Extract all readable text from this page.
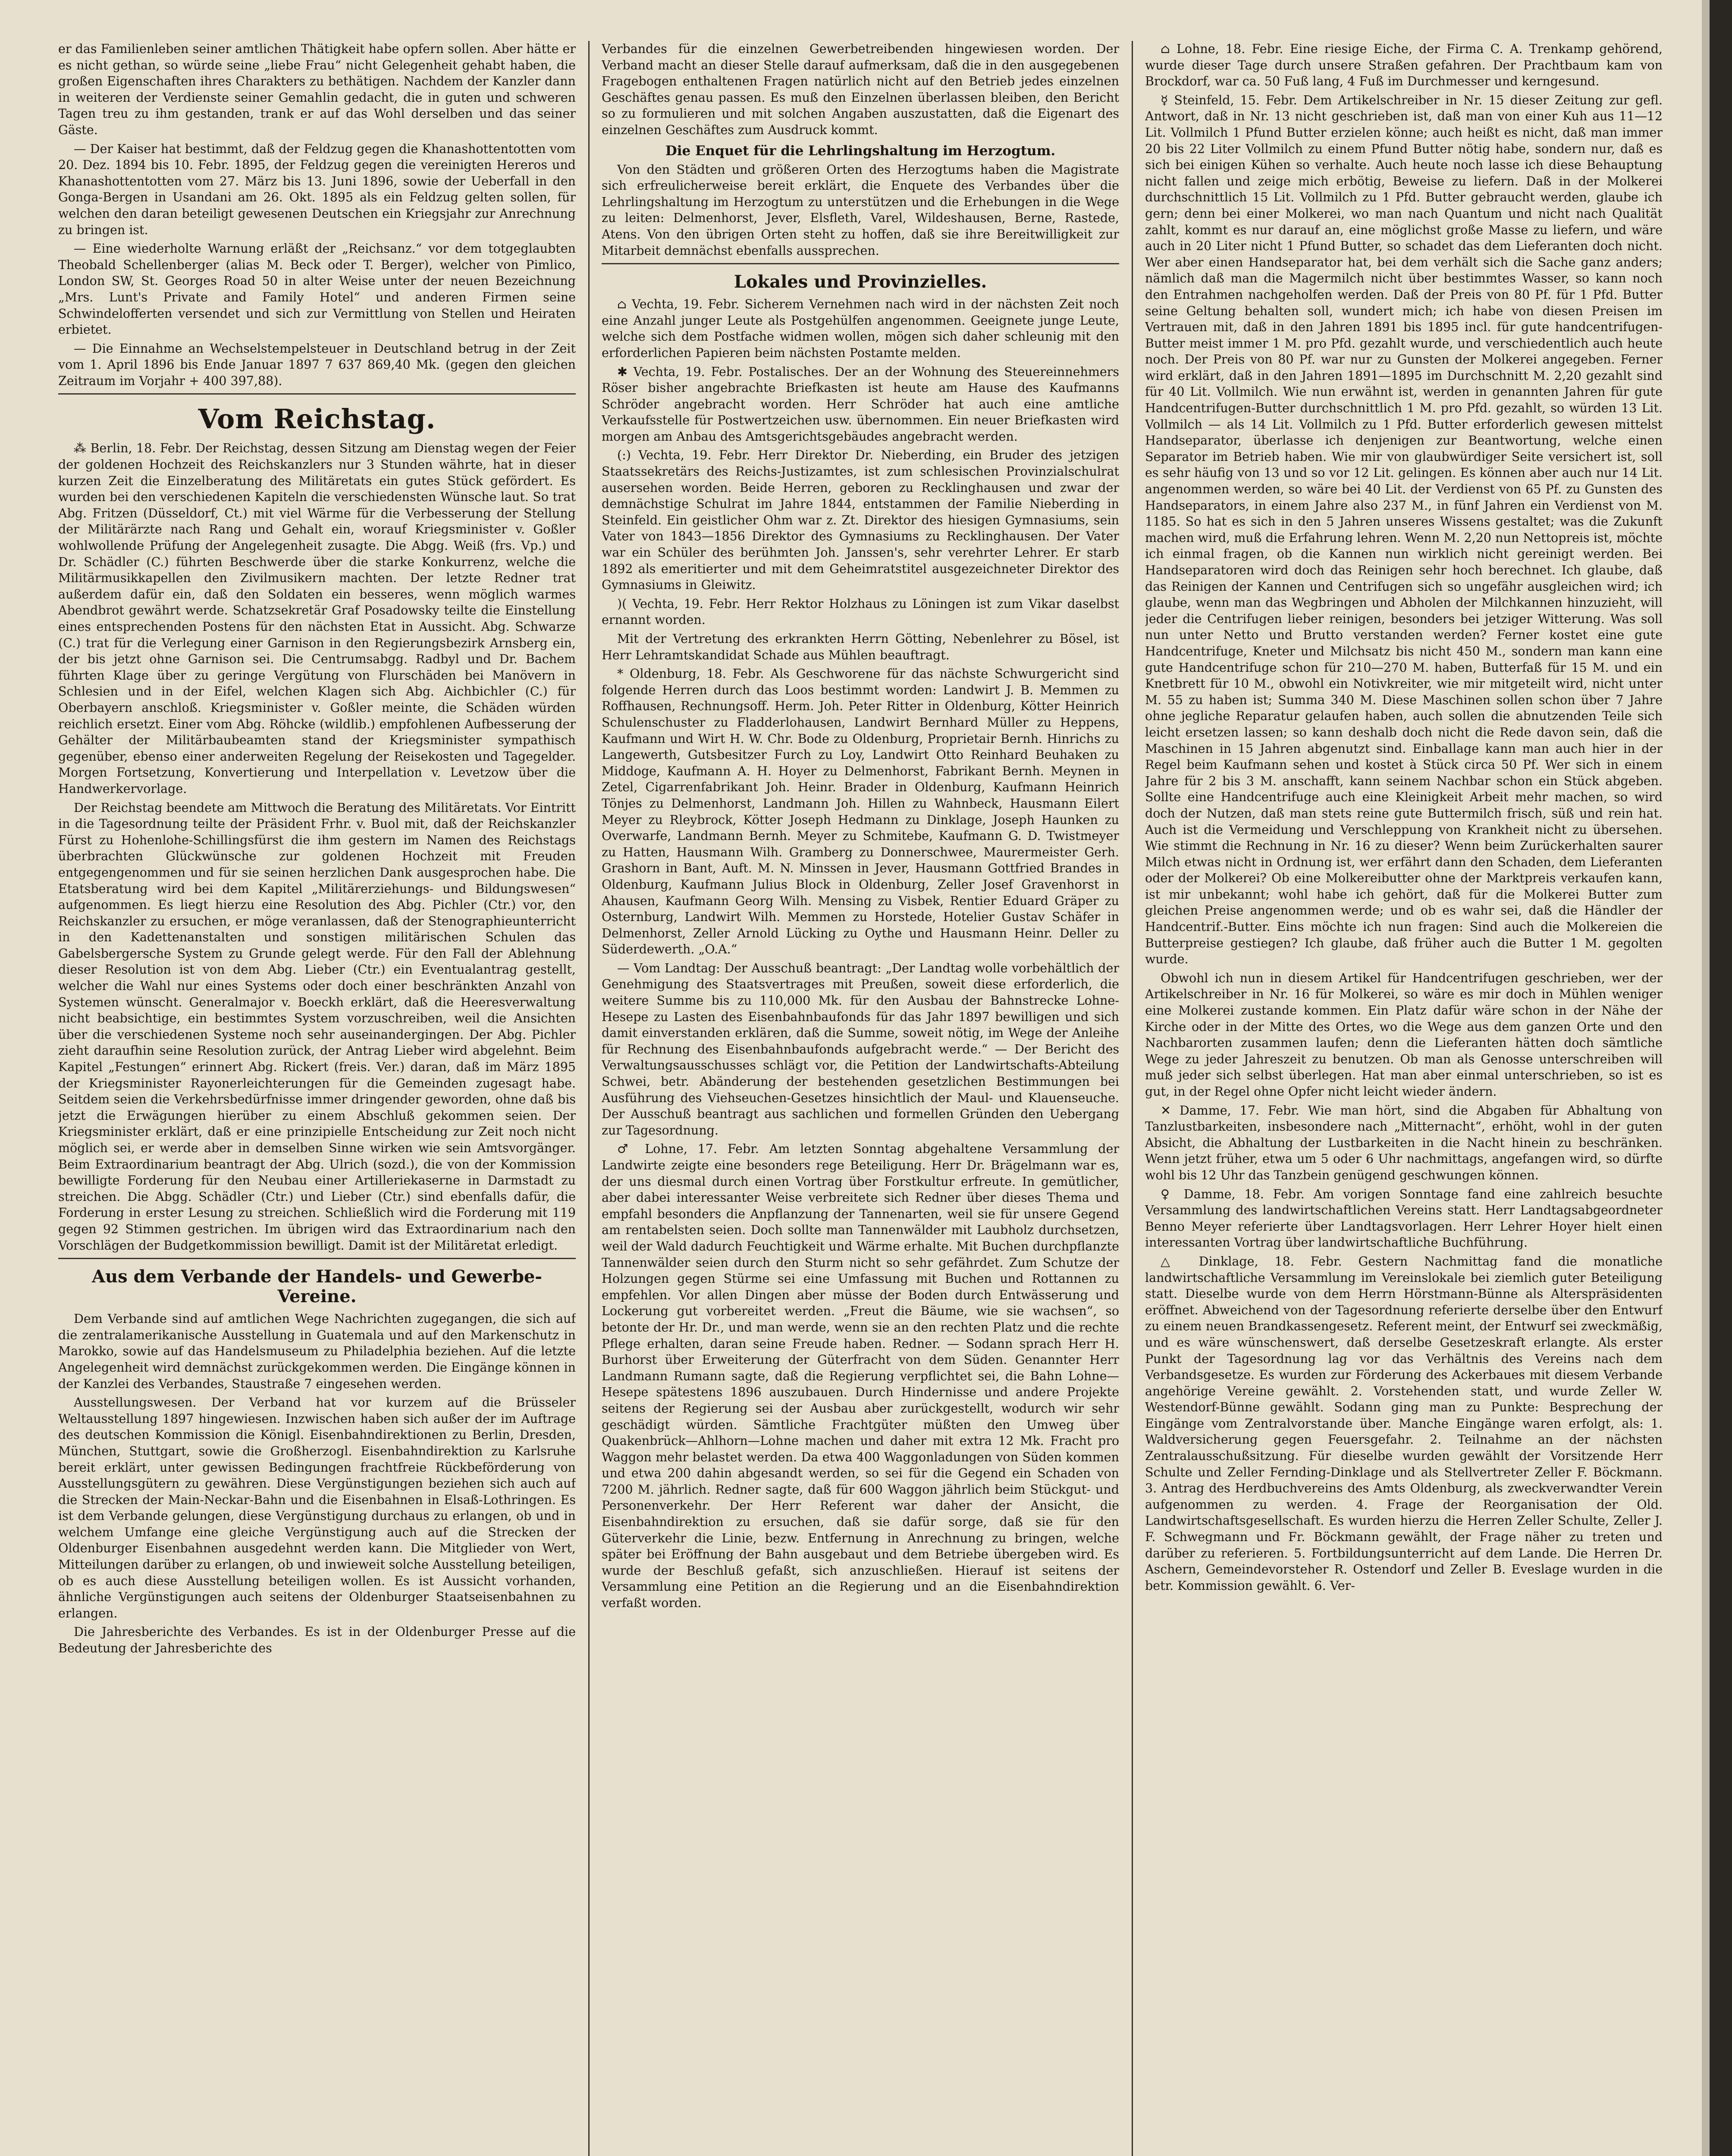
er das Familienleben seiner amtlichen Thätigkeit habe opfern sollen. Aber hätte er es nicht gethan, so würde seine „liebe Frau“ nicht Gelegenheit gehabt haben, die großen Eigenschaften ihres Charakters zu bethätigen. Nachdem der Kanzler dann in weiteren der Verdienste seiner Gemahlin gedacht, die in guten und schweren Tagen treu zu ihm gestanden, trank er auf das Wohl derselben und das seiner Gäste.

— Der Kaiser hat bestimmt, daß der Feldzug gegen die Khanashottentotten vom 20. Dez. 1894 bis 10. Febr. 1895, der Feldzug gegen die vereinigten Hereros und Khanashottentotten vom 27. März bis 13. Juni 1896, sowie der Ueberfall in den Gonga-Bergen in Usandani am 26. Okt. 1895 als ein Feldzug gelten sollen, für welchen den daran beteiligt gewesenen Deutschen ein Kriegsjahr zur Anrechnung zu bringen ist.

— Eine wiederholte Warnung erläßt der „Reichsanz.“ vor dem totgeglaubten Theobald Schellenberger (alias M. Beck oder T. Berger), welcher von Pimlico, London SW, St. Georges Road 50 in alter Weise unter der neuen Bezeichnung „Mrs. Lunt's Private and Family Hotel“ und anderen Firmen seine Schwindelofferten versendet und sich zur Vermittlung von Stellen und Heiraten erbietet.

— Die Einnahme an Wechselstempelsteuer in Deutschland betrug in der Zeit vom 1. April 1896 bis Ende Januar 1897 7 637 869,40 Mk. (gegen den gleichen Zeitraum im Vorjahr + 400 397,88).

Vom Reichstag.

⁂ Berlin, 18. Febr. Der Reichstag, dessen Sitzung am Dienstag wegen der Feier der goldenen Hochzeit des Reichskanzlers nur 3 Stunden währte, hat in dieser kurzen Zeit die Einzelberatung des Militäretats ein gutes Stück gefördert. Es wurden bei den verschiedenen Kapiteln die verschiedensten Wünsche laut. So trat Abg. Fritzen (Düsseldorf, Ct.) mit viel Wärme für die Verbesserung der Stellung der Militärärzte nach Rang und Gehalt ein, worauf Kriegsminister v. Goßler wohlwollende Prüfung der Angelegenheit zusagte. Die Abgg. Weiß (frs. Vp.) und Dr. Schädler (C.) führten Beschwerde über die starke Konkurrenz, welche die Militärmusikkapellen den Zivilmusikern machten. Der letzte Redner trat außerdem dafür ein, daß den Soldaten ein besseres, wenn möglich warmes Abendbrot gewährt werde. Schatzsekretär Graf Posadowsky teilte die Einstellung eines entsprechenden Postens für den nächsten Etat in Aussicht. Abg. Schwarze (C.) trat für die Verlegung einer Garnison in den Regierungsbezirk Arnsberg ein, der bis jetzt ohne Garnison sei. Die Centrumsabgg. Radbyl und Dr. Bachem führten Klage über zu geringe Vergütung von Flurschäden bei Manövern in Schlesien und in der Eifel, welchen Klagen sich Abg. Aichbichler (C.) für Oberbayern anschloß. Kriegsminister v. Goßler meinte, die Schäden würden reichlich ersetzt. Einer vom Abg. Röhcke (wildlib.) empfohlenen Aufbesserung der Gehälter der Militärbaubeamten stand der Kriegsminister sympathisch gegenüber, ebenso einer anderweiten Regelung der Reisekosten und Tagegelder. Morgen Fortsetzung, Konvertierung und Interpellation v. Levetzow über die Handwerkervorlage.

Der Reichstag beendete am Mittwoch die Beratung des Militäretats. Vor Eintritt in die Tagesordnung teilte der Präsident Frhr. v. Buol mit, daß der Reichskanzler Fürst zu Hohenlohe-Schillingsfürst die ihm gestern im Namen des Reichstags überbrachten Glückwünsche zur goldenen Hochzeit mit Freuden entgegengenommen und für sie seinen herzlichen Dank ausgesprochen habe. Die Etatsberatung wird bei dem Kapitel „Militärerziehungs- und Bildungswesen“ aufgenommen. Es liegt hierzu eine Resolution des Abg. Pichler (Ctr.) vor, den Reichskanzler zu ersuchen, er möge veranlassen, daß der Stenographieunterricht in den Kadettenanstalten und sonstigen militärischen Schulen das Gabelsbergersche System zu Grunde gelegt werde. Für den Fall der Ablehnung dieser Resolution ist von dem Abg. Lieber (Ctr.) ein Eventualantrag gestellt, welcher die Wahl nur eines Systems oder doch einer beschränkten Anzahl von Systemen wünscht. Generalmajor v. Boeckh erklärt, daß die Heeresverwaltung nicht beabsichtige, ein bestimmtes System vorzuschreiben, weil die Ansichten über die verschiedenen Systeme noch sehr auseinandergingen. Der Abg. Pichler zieht daraufhin seine Resolution zurück, der Antrag Lieber wird abgelehnt. Beim Kapitel „Festungen“ erinnert Abg. Rickert (freis. Ver.) daran, daß im März 1895 der Kriegsminister Rayonerleichterungen für die Gemeinden zugesagt habe. Seitdem seien die Verkehrsbedürfnisse immer dringender geworden, ohne daß bis jetzt die Erwägungen hierüber zu einem Abschluß gekommen seien. Der Kriegsminister erklärt, daß er eine prinzipielle Entscheidung zur Zeit noch nicht möglich sei, er werde aber in demselben Sinne wirken wie sein Amtsvorgänger. Beim Extraordinarium beantragt der Abg. Ulrich (sozd.), die von der Kommission bewilligte Forderung für den Neubau einer Artilleriekaserne in Darmstadt zu streichen. Die Abgg. Schädler (Ctr.) und Lieber (Ctr.) sind ebenfalls dafür, die Forderung in erster Lesung zu streichen. Schließlich wird die Forderung mit 119 gegen 92 Stimmen gestrichen. Im übrigen wird das Extraordinarium nach den Vorschlägen der Budgetkommission bewilligt. Damit ist der Militäretat erledigt.

Aus dem Verbande der Handels- und Gewerbe-Vereine.

Dem Verbande sind auf amtlichen Wege Nachrichten zugegangen, die sich auf die zentralamerikanische Ausstellung in Guatemala und auf den Markenschutz in Marokko, sowie auf das Handelsmuseum zu Philadelphia beziehen. Auf die letzte Angelegenheit wird demnächst zurückgekommen werden. Die Eingänge können in der Kanzlei des Verbandes, Staustraße 7 eingesehen werden.

Ausstellungswesen. Der Verband hat vor kurzem auf die Brüsseler Weltausstellung 1897 hingewiesen. Inzwischen haben sich außer der im Auftrage des deutschen Kommission die Königl. Eisenbahndirektionen zu Berlin, Dresden, München, Stuttgart, sowie die Großherzogl. Eisenbahndirektion zu Karlsruhe bereit erklärt, unter gewissen Bedingungen frachtfreie Rückbeförderung von Ausstellungsgütern zu gewähren. Diese Vergünstigungen beziehen sich auch auf die Strecken der Main-Neckar-Bahn und die Eisenbahnen in Elsaß-Lothringen. Es ist dem Verbande gelungen, diese Vergünstigung durchaus zu erlangen, ob und in welchem Umfange eine gleiche Vergünstigung auch auf die Strecken der Oldenburger Eisenbahnen ausgedehnt werden kann. Die Mitglieder von Wert, Mitteilungen darüber zu erlangen, ob und inwieweit solche Ausstellung beteiligen, ob es auch diese Ausstellung beteiligen wollen. Es ist Aussicht vorhanden, ähnliche Vergünstigungen auch seitens der Oldenburger Staatseisenbahnen zu erlangen.

Die Jahresberichte des Verbandes. Es ist in der Oldenburger Presse auf die Bedeutung der Jahresberichte des

Verbandes für die einzelnen Gewerbetreibenden hingewiesen worden. Der Verband macht an dieser Stelle darauf aufmerksam, daß die in den ausgegebenen Fragebogen enthaltenen Fragen natürlich nicht auf den Betrieb jedes einzelnen Geschäftes genau passen. Es muß den Einzelnen überlassen bleiben, den Bericht so zu formulieren und mit solchen Angaben auszustatten, daß die Eigenart des einzelnen Geschäftes zum Ausdruck kommt.

Die Enquet für die Lehrlingshaltung im Herzogtum.

Von den Städten und größeren Orten des Herzogtums haben die Magistrate sich erfreulicherweise bereit erklärt, die Enquete des Verbandes über die Lehrlingshaltung im Herzogtum zu unterstützen und die Erhebungen in die Wege zu leiten: Delmenhorst, Jever, Elsfleth, Varel, Wildeshausen, Berne, Rastede, Atens. Von den übrigen Orten steht zu hoffen, daß sie ihre Bereitwilligkeit zur Mitarbeit demnächst ebenfalls aussprechen.

Lokales und Provinzielles.

⌂ Vechta, 19. Febr. Sicherem Vernehmen nach wird in der nächsten Zeit noch eine Anzahl junger Leute als Postgehülfen angenommen. Geeignete junge Leute, welche sich dem Postfache widmen wollen, mögen sich daher schleunig mit den erforderlichen Papieren beim nächsten Postamte melden.

✱ Vechta, 19. Febr. Postalisches. Der an der Wohnung des Steuereinnehmers Röser bisher angebrachte Briefkasten ist heute am Hause des Kaufmanns Schröder angebracht worden. Herr Schröder hat auch eine amtliche Verkaufsstelle für Postwertzeichen usw. übernommen. Ein neuer Briefkasten wird morgen am Anbau des Amtsgerichtsgebäudes angebracht werden.

(:) Vechta, 19. Febr. Herr Direktor Dr. Nieberding, ein Bruder des jetzigen Staatssekretärs des Reichs-Justizamtes, ist zum schlesischen Provinzialschulrat ausersehen worden. Beide Herren, geboren zu Recklinghausen und zwar der demnächstige Schulrat im Jahre 1844, entstammen der Familie Nieberding in Steinfeld. Ein geistlicher Ohm war z. Zt. Direktor des hiesigen Gymnasiums, sein Vater von 1843—1856 Direktor des Gymnasiums zu Recklinghausen. Der Vater war ein Schüler des berühmten Joh. Janssen's, sehr verehrter Lehrer. Er starb 1892 als emeritierter und mit dem Geheimratstitel ausgezeichneter Direktor des Gymnasiums in Gleiwitz.

)( Vechta, 19. Febr. Herr Rektor Holzhaus zu Löningen ist zum Vikar daselbst ernannt worden.

Mit der Vertretung des erkrankten Herrn Götting, Nebenlehrer zu Bösel, ist Herr Lehramtskandidat Schade aus Mühlen beauftragt.

* Oldenburg, 18. Febr. Als Geschworene für das nächste Schwurgericht sind folgende Herren durch das Loos bestimmt worden: Landwirt J. B. Memmen zu Roffhausen, Rechnungsoff. Herm. Joh. Peter Ritter in Oldenburg, Kötter Heinrich Schulenschuster zu Fladderlohausen, Landwirt Bernhard Müller zu Heppens, Kaufmann und Wirt H. W. Chr. Bode zu Oldenburg, Proprietair Bernh. Hinrichs zu Langewerth, Gutsbesitzer Furch zu Loy, Landwirt Otto Reinhard Beuhaken zu Middoge, Kaufmann A. H. Hoyer zu Delmenhorst, Fabrikant Bernh. Meynen in Zetel, Cigarrenfabrikant Joh. Heinr. Brader in Oldenburg, Kaufmann Heinrich Tönjes zu Delmenhorst, Landmann Joh. Hillen zu Wahnbeck, Hausmann Eilert Meyer zu Rleybrock, Kötter Joseph Hedmann zu Dinklage, Joseph Haunken zu Overwarfe, Landmann Bernh. Meyer zu Schmitebe, Kaufmann G. D. Twistmeyer zu Hatten, Hausmann Wilh. Gramberg zu Donnerschwee, Maurermeister Gerh. Grashorn in Bant, Auft. M. N. Minssen in Jever, Hausmann Gottfried Brandes in Oldenburg, Kaufmann Julius Block in Oldenburg, Zeller Josef Gravenhorst in Ahausen, Kaufmann Georg Wilh. Mensing zu Visbek, Rentier Eduard Gräper zu Osternburg, Landwirt Wilh. Memmen zu Horstede, Hotelier Gustav Schäfer in Delmenhorst, Zeller Arnold Lücking zu Oythe und Hausmann Heinr. Deller zu Süderdewerth. „O.A.“

— Vom Landtag: Der Ausschuß beantragt: „Der Landtag wolle vorbehältlich der Genehmigung des Staatsvertrages mit Preußen, soweit diese erforderlich, die weitere Summe bis zu 110,000 Mk. für den Ausbau der Bahnstrecke Lohne-Hesepe zu Lasten des Eisenbahnbaufonds für das Jahr 1897 bewilligen und sich damit einverstanden erklären, daß die Summe, soweit nötig, im Wege der Anleihe für Rechnung des Eisenbahnbaufonds aufgebracht werde.“ — Der Bericht des Verwaltungsausschusses schlägt vor, die Petition der Landwirtschafts-Abteilung Schwei, betr. Abänderung der bestehenden gesetzlichen Bestimmungen bei Ausführung des Viehseuchen-Gesetzes hinsichtlich der Maul- und Klauenseuche. Der Ausschuß beantragt aus sachlichen und formellen Gründen den Uebergang zur Tagesordnung.

♂ Lohne, 17. Febr. Am letzten Sonntag abgehaltene Versammlung der Landwirte zeigte eine besonders rege Beteiligung. Herr Dr. Brägelmann war es, der uns diesmal durch einen Vortrag über Forstkultur erfreute. In gemütlicher, aber dabei interessanter Weise verbreitete sich Redner über dieses Thema und empfahl besonders die Anpflanzung der Tannenarten, weil sie für unsere Gegend am rentabelsten seien. Doch sollte man Tannenwälder mit Laubholz durchsetzen, weil der Wald dadurch Feuchtigkeit und Wärme erhalte. Mit Buchen durchpflanzte Tannenwälder seien durch den Sturm nicht so sehr gefährdet. Zum Schutze der Holzungen gegen Stürme sei eine Umfassung mit Buchen und Rottannen zu empfehlen. Vor allen Dingen aber müsse der Boden durch Entwässerung und Lockerung gut vorbereitet werden. „Freut die Bäume, wie sie wachsen“, so betonte der Hr. Dr., und man werde, wenn sie an den rechten Platz und die rechte Pflege erhalten, daran seine Freude haben. Redner. — Sodann sprach Herr H. Burhorst über Erweiterung der Güterfracht von dem Süden. Genannter Herr Landmann Rumann sagte, daß die Regierung verpflichtet sei, die Bahn Lohne—Hesepe spätestens 1896 auszubauen. Durch Hindernisse und andere Projekte seitens der Regierung sei der Ausbau aber zurückgestellt, wodurch wir sehr geschädigt würden. Sämtliche Frachtgüter müßten den Umweg über Quakenbrück—Ahlhorn—Lohne machen und daher mit extra 12 Mk. Fracht pro Waggon mehr belastet werden. Da etwa 400 Waggonladungen von Süden kommen und etwa 200 dahin abgesandt werden, so sei für die Gegend ein Schaden von 7200 M. jährlich. Redner sagte, daß für 600 Waggon jährlich beim Stückgut- und Personenverkehr. Der Herr Referent war daher der Ansicht, die Eisenbahndirektion zu ersuchen, daß sie dafür sorge, daß sie für den Güterverkehr die Linie, bezw. Entfernung in Anrechnung zu bringen, welche später bei Eröffnung der Bahn ausgebaut und dem Betriebe übergeben wird. Es wurde der Beschluß gefaßt, sich anzuschließen. Hierauf ist seitens der Versammlung eine Petition an die Regierung und an die Eisenbahndirektion verfaßt worden.

⌂ Lohne, 18. Febr. Eine riesige Eiche, der Firma C. A. Trenkamp gehörend, wurde dieser Tage durch unsere Straßen gefahren. Der Prachtbaum kam von Brockdorf, war ca. 50 Fuß lang, 4 Fuß im Durchmesser und kerngesund.

☿ Steinfeld, 15. Febr. Dem Artikelschreiber in Nr. 15 dieser Zeitung zur gefl. Antwort, daß in Nr. 13 nicht geschrieben ist, daß man von einer Kuh aus 11—12 Lit. Vollmilch 1 Pfund Butter erzielen könne; auch heißt es nicht, daß man immer 20 bis 22 Liter Vollmilch zu einem Pfund Butter nötig habe, sondern nur, daß es sich bei einigen Kühen so verhalte. Auch heute noch lasse ich diese Behauptung nicht fallen und zeige mich erbötig, Beweise zu liefern. Daß in der Molkerei durchschnittlich 15 Lit. Vollmilch zu 1 Pfd. Butter gebraucht werden, glaube ich gern; denn bei einer Molkerei, wo man nach Quantum und nicht nach Qualität zahlt, kommt es nur darauf an, eine möglichst große Masse zu liefern, und wäre auch in 20 Liter nicht 1 Pfund Butter, so schadet das dem Lieferanten doch nicht. Wer aber einen Handseparator hat, bei dem verhält sich die Sache ganz anders; nämlich daß man die Magermilch nicht über bestimmtes Wasser, so kann noch den Entrahmen nachgeholfen werden. Daß der Preis von 80 Pf. für 1 Pfd. Butter seine Geltung behalten soll, wundert mich; ich habe von diesen Preisen im Vertrauen mit, daß in den Jahren 1891 bis 1895 incl. für gute handcentrifugen-Butter meist immer 1 M. pro Pfd. gezahlt wurde, und verschiedentlich auch heute noch. Der Preis von 80 Pf. war nur zu Gunsten der Molkerei angegeben. Ferner wird erklärt, daß in den Jahren 1891—1895 im Durchschnitt M. 2,20 gezahlt sind für 40 Lit. Vollmilch. Wie nun erwähnt ist, werden in genannten Jahren für gute Handcentrifugen-Butter durchschnittlich 1 M. pro Pfd. gezahlt, so würden 13 Lit. Vollmilch — als 14 Lit. Vollmilch zu 1 Pfd. Butter erforderlich gewesen mittelst Handseparator, überlasse ich denjenigen zur Beantwortung, welche einen Separator im Betrieb haben. Wie mir von glaubwürdiger Seite versichert ist, soll es sehr häufig von 13 und so vor 12 Lit. gelingen. Es können aber auch nur 14 Lit. angenommen werden, so wäre bei 40 Lit. der Verdienst von 65 Pf. zu Gunsten des Handseparators, in einem Jahre also 237 M., in fünf Jahren ein Verdienst von M. 1185. So hat es sich in den 5 Jahren unseres Wissens gestaltet; was die Zukunft machen wird, muß die Erfahrung lehren. Wenn M. 2,20 nun Nettopreis ist, möchte ich einmal fragen, ob die Kannen nun wirklich nicht gereinigt werden. Bei Handseparatoren wird doch das Reinigen sehr hoch berechnet. Ich glaube, daß das Reinigen der Kannen und Centrifugen sich so ungefähr ausgleichen wird; ich glaube, wenn man das Wegbringen und Abholen der Milchkannen hinzuzieht, will jeder die Centrifugen lieber reinigen, besonders bei jetziger Witterung. Was soll nun unter Netto und Brutto verstanden werden? Ferner kostet eine gute Handcentrifuge, Kneter und Milchsatz bis nicht 450 M., sondern man kann eine gute Handcentrifuge schon für 210—270 M. haben, Butterfaß für 15 M. und ein Knetbrett für 10 M., obwohl ein Notivkreiter, wie mir mitgeteilt wird, nicht unter M. 55 zu haben ist; Summa 340 M. Diese Maschinen sollen schon über 7 Jahre ohne jegliche Reparatur gelaufen haben, auch sollen die abnutzenden Teile sich leicht ersetzen lassen; so kann deshalb doch nicht die Rede davon sein, daß die Maschinen in 15 Jahren abgenutzt sind. Einballage kann man auch hier in der Regel beim Kaufmann sehen und kostet à Stück circa 50 Pf. Wer sich in einem Jahre für 2 bis 3 M. anschafft, kann seinem Nachbar schon ein Stück abgeben. Sollte eine Handcentrifuge auch eine Kleinigkeit Arbeit mehr machen, so wird doch der Nutzen, daß man stets reine gute Buttermilch frisch, süß und rein hat. Auch ist die Vermeidung und Verschleppung von Krankheit nicht zu übersehen. Wie stimmt die Rechnung in Nr. 16 zu dieser? Wenn beim Zurückerhalten saurer Milch etwas nicht in Ordnung ist, wer erfährt dann den Schaden, dem Lieferanten oder der Molkerei? Ob eine Molkereibutter ohne der Marktpreis verkaufen kann, ist mir unbekannt; wohl habe ich gehört, daß für die Molkerei Butter zum gleichen Preise angenommen werde; und ob es wahr sei, daß die Händler der Handcentrif.-Butter. Eins möchte ich nun fragen: Sind auch die Molkereien die Butterpreise gestiegen? Ich glaube, daß früher auch die Butter 1 M. gegolten wurde.

Obwohl ich nun in diesem Artikel für Handcentrifugen geschrieben, wer der Artikelschreiber in Nr. 16 für Molkerei, so wäre es mir doch in Mühlen weniger eine Molkerei zustande kommen. Ein Platz dafür wäre schon in der Nähe der Kirche oder in der Mitte des Ortes, wo die Wege aus dem ganzen Orte und den Nachbarorten zusammen laufen; denn die Lieferanten hätten doch sämtliche Wege zu jeder Jahreszeit zu benutzen. Ob man als Genosse unterschreiben will muß jeder sich selbst überlegen. Hat man aber einmal unterschrieben, so ist es gut, in der Regel ohne Opfer nicht leicht wieder ändern.

✕ Damme, 17. Febr. Wie man hört, sind die Abgaben für Abhaltung von Tanzlustbarkeiten, insbesondere nach „Mitternacht“, erhöht, wohl in der guten Absicht, die Abhaltung der Lustbarkeiten in die Nacht hinein zu beschränken. Wenn jetzt früher, etwa um 5 oder 6 Uhr nachmittags, angefangen wird, so dürfte wohl bis 12 Uhr das Tanzbein genügend geschwungen können.

♀ Damme, 18. Febr. Am vorigen Sonntage fand eine zahlreich besuchte Versammlung des landwirtschaftlichen Vereins statt. Herr Landtagsabgeordneter Benno Meyer referierte über Landtagsvorlagen. Herr Lehrer Hoyer hielt einen interessanten Vortrag über landwirtschaftliche Buchführung.

△ Dinklage, 18. Febr. Gestern Nachmittag fand die monatliche landwirtschaftliche Versammlung im Vereinslokale bei ziemlich guter Beteiligung statt. Dieselbe wurde von dem Herrn Hörstmann-Bünne als Alterspräsidenten eröffnet. Abweichend von der Tagesordnung referierte derselbe über den Entwurf zu einem neuen Brandkassengesetz. Referent meint, der Entwurf sei zweckmäßig, und es wäre wünschenswert, daß derselbe Gesetzeskraft erlangte. Als erster Punkt der Tagesordnung lag vor das Verhältnis des Vereins nach dem Verbandsgesetze. Es wurden zur Förderung des Ackerbaues mit diesem Verbande angehörige Vereine gewählt. 2. Vorstehenden statt, und wurde Zeller W. Westendorf-Bünne gewählt. Sodann ging man zu Punkte: Besprechung der Eingänge vom Zentralvorstande über. Manche Eingänge waren erfolgt, als: 1. Waldversicherung gegen Feuersgefahr. 2. Teilnahme an der nächsten Zentralausschußsitzung. Für dieselbe wurden gewählt der Vorsitzende Herr Schulte und Zeller Fernding-Dinklage und als Stellvertreter Zeller F. Böckmann. 3. Antrag des Herdbuchvereins des Amts Oldenburg, als zweckverwandter Verein aufgenommen zu werden. 4. Frage der Reorganisation der Old. Landwirtschaftsgesellschaft. Es wurden hierzu die Herren Zeller Schulte, Zeller J. F. Schwegmann und Fr. Böckmann gewählt, der Frage näher zu treten und darüber zu referieren. 5. Fortbildungsunterricht auf dem Lande. Die Herren Dr. Aschern, Gemeindevorsteher R. Ostendorf und Zeller B. Eveslage wurden in die betr. Kommission gewählt. 6. Ver-
